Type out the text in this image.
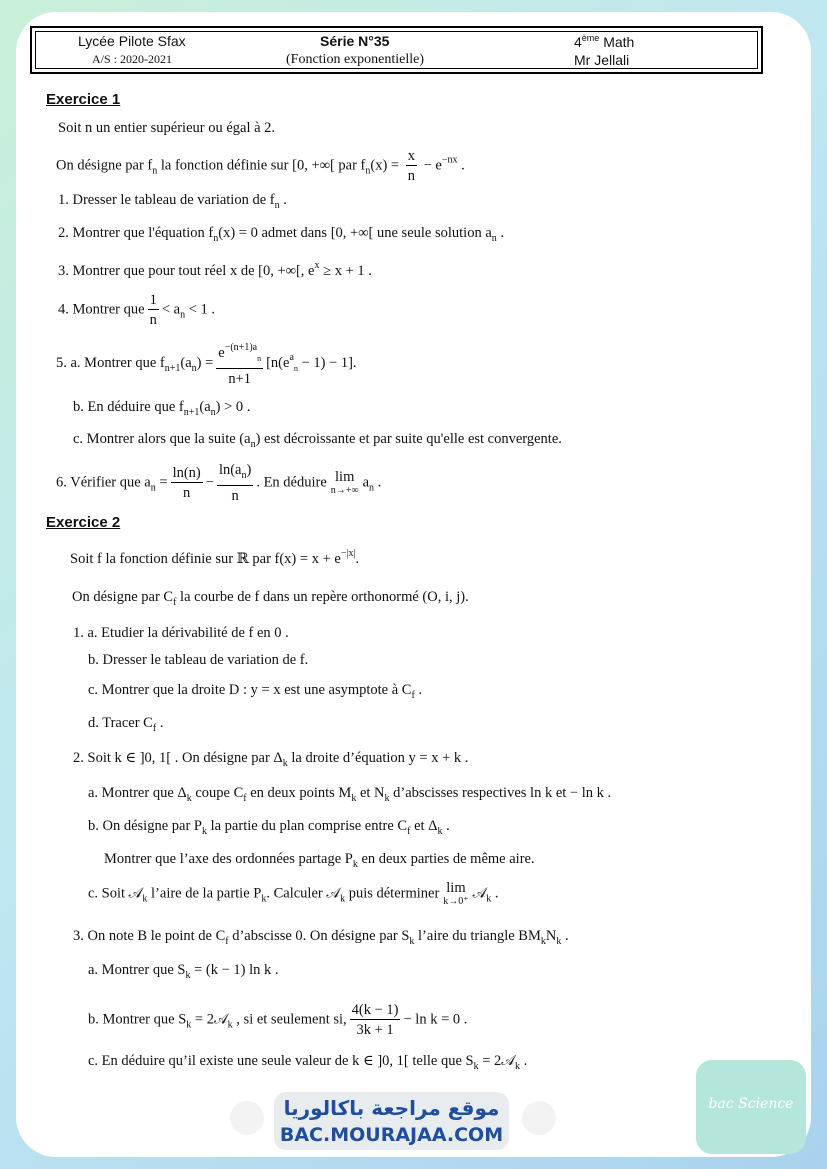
Lycée Pilote Sfax
A/S : 2020-2021
Série N°35
(Fonction exponentielle)
4ème Math
Mr Jellali
Exercice 1
Soit n un entier supérieur ou égal à 2.
On désigne par $f_n$ la fonction définie sur [0, +∞[ par $f_n(x) = \frac{x}{n} - e^{-nx}$ .
1. Dresser le tableau de variation de $f_n$ .
2. Montrer que l'équation $f_n(x) = 0$ admet dans [0, +∞[ une seule solution $a_n$ .
3. Montrer que pour tout réel x de [0, +∞[, $e^x \ge x + 1$ .
4. Montrer que $\frac{1}{n} < a_n < 1$ .
5. a. Montrer que $f_{n+1}(a_n) = \frac{e^{-(n+1)a}_n}{n+1} [n(e^a_n - 1) - 1]$.
b. En déduire que $f_{n+1}(a_n) > 0$ .
c. Montrer alors que la suite $(a_n)$ est décroissante et par suite qu'elle est convergente.
6. Vérifier que $a_n = \frac{\ln(n)}{n} - \frac{\ln(a_n)}{n}$ . En déduire lim
n→+∞
$a_n$ .
Exercice 2
Soit f la fonction définie sur ℝ par $f(x) = x + e^{-|x|}$.
On désigne par $C_f$ la courbe de f dans un repère orthonormé (O, i, j).
1. a. Etudier la dérivabilité de f en 0 .
b. Dresser le tableau de variation de f.
c. Montrer que la droite D : y = x est une asymptote à $C_f$ .
d. Tracer $C_f$ .
2. Soit k ∈ ]0, 1[ . On désigne par $\Delta_k$ la droite d’équation y = x + k .
a. Montrer que $\Delta_k$ coupe $C_f$ en deux points $M_k$ et $N_k$ d’abscisses respectives ln k et − ln k .
b. On désigne par $P_k$ la partie du plan comprise entre $C_f$ et $\Delta_k$ .
Montrer que l’axe des ordonnées partage $P_k$ en deux parties de même aire.
c. Soit 𝒜$_k$ l’aire de la partie $P_k$. Calculer 𝒜$_k$ puis déterminer lim
k→0⁺
𝒜$_k$ .
3. On note B le point de $C_f$ d’abscisse 0. On désigne par $S_k$ l’aire du triangle $BM_kN_k$ .
a. Montrer que $S_k = (k - 1)$ ln k .
b. Montrer que $S_k$ = 2𝒜$_k$ , si et seulement si, $\frac{4(k - 1)}{3k + 1} - \ln k = 0$ .
c. En déduire qu’il existe une seule valeur de k ∈ ]0, 1[ telle que $S_k$ = 2𝒜$_k$ .
موقع مراجعة باكالوريا
BAC.MOURAJAA.COM
bac Science
